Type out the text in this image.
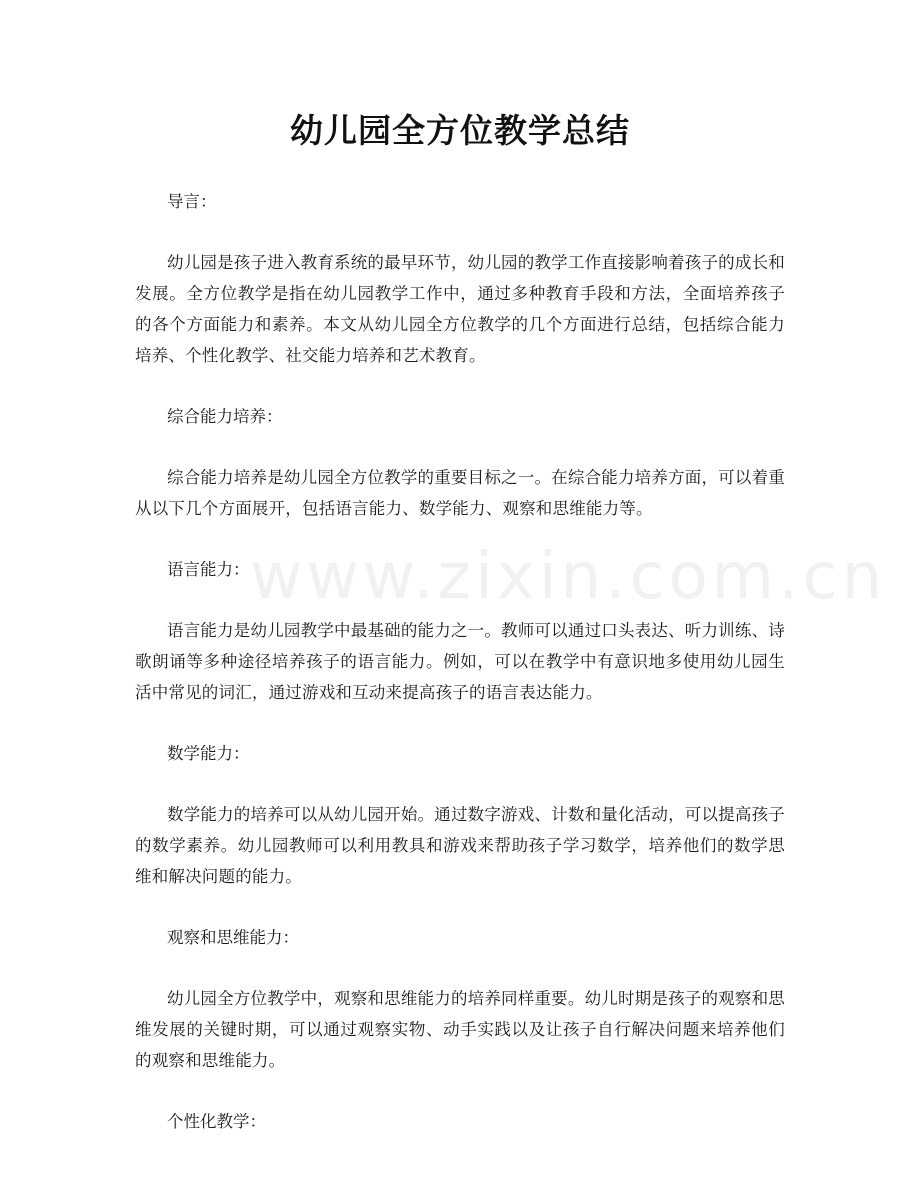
www.zixin.com.cn
幼儿园全方位教学总结

导言：

幼儿园是孩子进入教育系统的最早环节，幼儿园的教学工作直接影响着孩子的成长和发展。全方位教学是指在幼儿园教学工作中，通过多种教育手段和方法，全面培养孩子的各个方面能力和素养。本文从幼儿园全方位教学的几个方面进行总结，包括综合能力培养、个性化教学、社交能力培养和艺术教育。

综合能力培养：

综合能力培养是幼儿园全方位教学的重要目标之一。在综合能力培养方面，可以着重从以下几个方面展开，包括语言能力、数学能力、观察和思维能力等。

语言能力：

语言能力是幼儿园教学中最基础的能力之一。教师可以通过口头表达、听力训练、诗歌朗诵等多种途径培养孩子的语言能力。例如，可以在教学中有意识地多使用幼儿园生活中常见的词汇，通过游戏和互动来提高孩子的语言表达能力。

数学能力：

数学能力的培养可以从幼儿园开始。通过数字游戏、计数和量化活动，可以提高孩子的数学素养。幼儿园教师可以利用教具和游戏来帮助孩子学习数学，培养他们的数学思维和解决问题的能力。

观察和思维能力：

幼儿园全方位教学中，观察和思维能力的培养同样重要。幼儿时期是孩子的观察和思维发展的关键时期，可以通过观察实物、动手实践以及让孩子自行解决问题来培养他们的观察和思维能力。

个性化教学：
